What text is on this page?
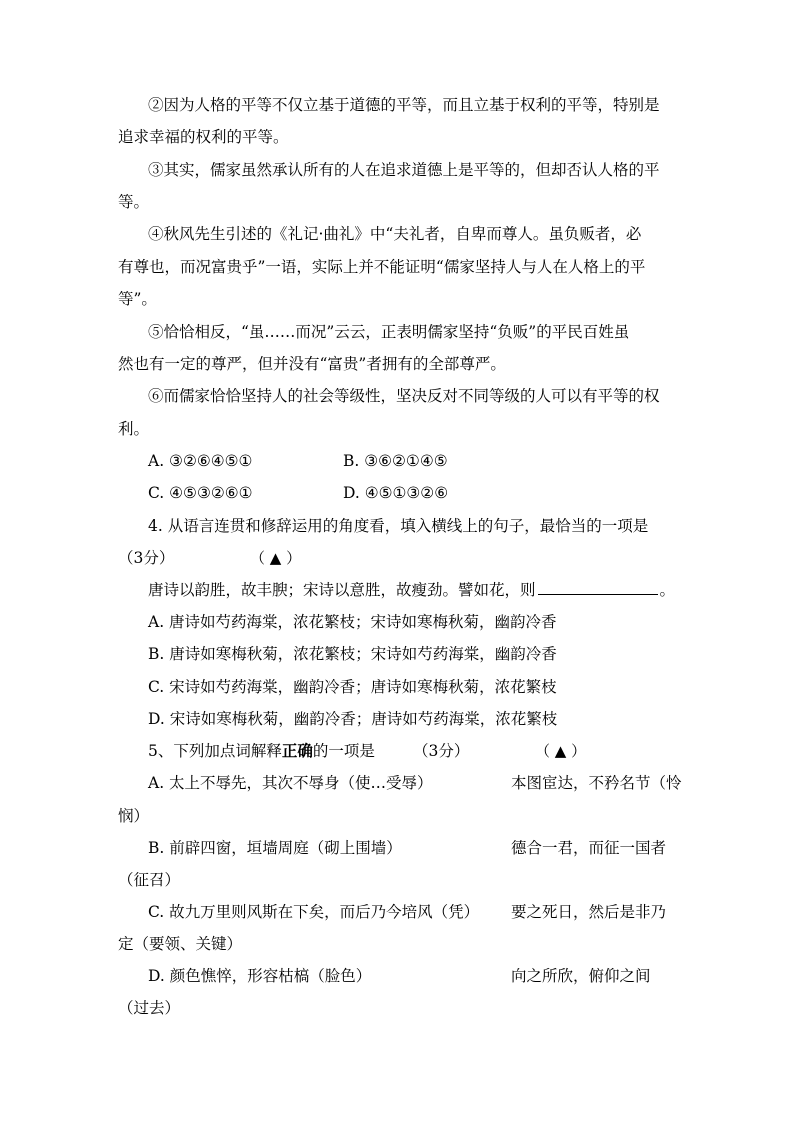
②因为人格的平等不仅立基于道德的平等，而且立基于权利的平等，特别是
追求幸福的权利的平等。
③其实，儒家虽然承认所有的人在追求道德上是平等的，但却否认人格的平
等。
④秋风先生引述的《礼记·曲礼》中“夫礼者，自卑而尊人。虽负贩者，必
有尊也，而况富贵乎”一语，实际上并不能证明“儒家坚持人与人在人格上的平
等”。
⑤恰恰相反，“虽……而况”云云，正表明儒家坚持“负贩”的平民百姓虽
然也有一定的尊严，但并没有“富贵”者拥有的全部尊严。
⑥而儒家恰恰坚持人的社会等级性，坚决反对不同等级的人可以有平等的权
利。
A. ③②⑥④⑤①	B. ③⑥②①④⑤
C. ④⑤③②⑥①	D. ④⑤①③②⑥
4. 从语言连贯和修辞运用的角度看，填入横线上的句子，最恰当的一项是
（3分）	（ ▲ ）
唐诗以韵胜，故丰腴；宋诗以意胜，故瘦劲。譬如花，则	。
A. 唐诗如芍药海棠，浓花繁枝；宋诗如寒梅秋菊，幽韵冷香
B. 唐诗如寒梅秋菊，浓花繁枝；宋诗如芍药海棠，幽韵冷香
C. 宋诗如芍药海棠，幽韵冷香；唐诗如寒梅秋菊，浓花繁枝
D. 宋诗如寒梅秋菊，幽韵冷香；唐诗如芍药海棠，浓花繁枝
5、下列加点词解释正确的一项是 （3分）	（ ▲ ）
A. 太上不辱先，其次不辱身（使…受辱）	本图宦达，不矜名节（怜
悯）
B. 前辟四窗，垣墙周庭（砌上围墙）	德合一君，而征一国者
（征召）
C. 故九万里则风斯在下矣，而后乃今培风（凭） 要之死日，然后是非乃
定（要领、关键）
D. 颜色憔悴，形容枯槁（脸色）	向之所欣，俯仰之间
（过去）
